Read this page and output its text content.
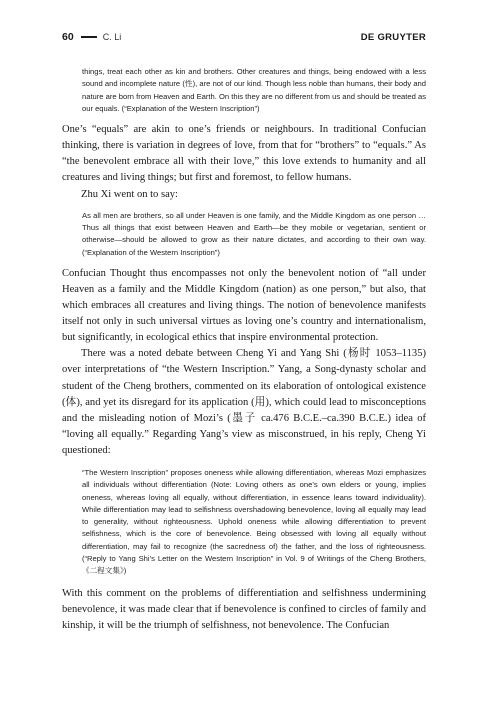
60	C. Li	DE GRUYTER

things, treat each other as kin and brothers. Other creatures and things, being endowed with a less sound and incomplete nature (性), are not of our kind. Though less noble than humans, their body and nature are born from Heaven and Earth. On this they are no different from us and should be treated as our equals. (“Explanation of the Western Inscription”)

One’s “equals” are akin to one’s friends or neighbours. In traditional Confucian thinking, there is variation in degrees of love, from that for “brothers” to “equals.” As “the benevolent embrace all with their love,” this love extends to humanity and all creatures and living things; but first and foremost, to fellow humans.

Zhu Xi went on to say:

As all men are brothers, so all under Heaven is one family, and the Middle Kingdom as one person … Thus all things that exist between Heaven and Earth—be they mobile or vegetarian, sentient or otherwise—should be allowed to grow as their nature dictates, and according to their own way. (“Explanation of the Western Inscription”)

Confucian Thought thus encompasses not only the benevolent notion of “all under Heaven as a family and the Middle Kingdom (nation) as one person,” but also, that which embraces all creatures and living things. The notion of benevolence manifests itself not only in such universal virtues as loving one’s country and internationalism, but significantly, in ecological ethics that inspire environmental protection.

There was a noted debate between Cheng Yi and Yang Shi (杨时 1053–1135) over interpretations of “the Western Inscription.” Yang, a Song-dynasty scholar and student of the Cheng brothers, commented on its elaboration of ontological existence (体), and yet its disregard for its application (用), which could lead to misconceptions and the misleading notion of Mozi’s (墨子 ca.476 B.C.E.–ca.390 B.C.E.) idea of “loving all equally.” Regarding Yang’s view as misconstrued, in his reply, Cheng Yi questioned:

“The Western Inscription” proposes oneness while allowing differentiation, whereas Mozi emphasizes all individuals without differentiation (Note: Loving others as one’s own elders or young, implies oneness, whereas loving all equally, without differentiation, in essence leans toward individuality). While differentiation may lead to selfishness overshadowing benevolence, loving all equally may lead to generality, without righteousness. Uphold oneness while allowing differentiation to prevent selfishness, which is the core of benevolence. Being obsessed with loving all equally without differentiation, may fail to recognize (the sacredness of) the father, and the loss of righteousness. (“Reply to Yang Shi’s Letter on the Western Inscription” in Vol. 9 of Writings of the Cheng Brothers, 《二程文集》)

With this comment on the problems of differentiation and selfishness undermining benevolence, it was made clear that if benevolence is confined to circles of family and kinship, it will be the triumph of selfishness, not benevolence. The Confucian
